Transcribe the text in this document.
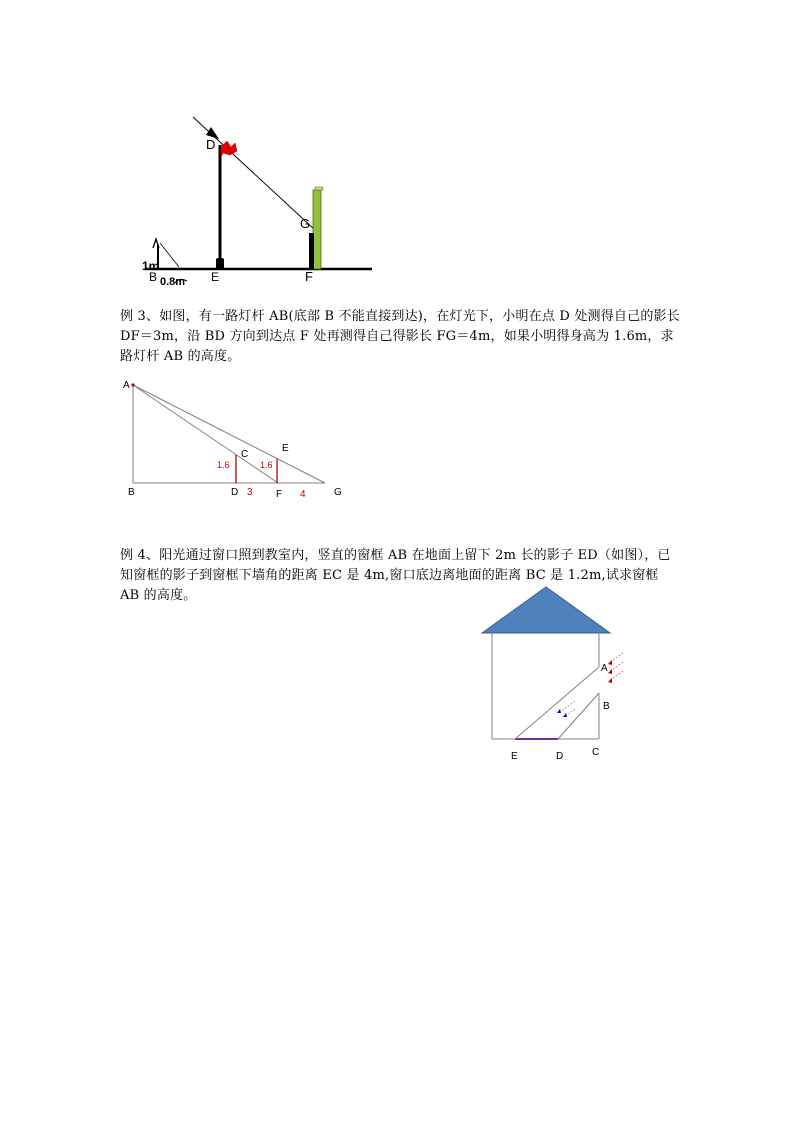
D
G
B	E	F
1m
0.8m

例 3、如图，有一路灯杆 AB(底部 B 不能直接到达)，在灯光下，小明在点 D 处测得自己的影长 DF＝3m，沿 BD 方向到达点 F 处再测得自己得影长 FG＝4m，如果小明得身高为 1.6m，求路灯杆 AB 的高度。

A
B
C
D
E
F	G
1.6	1.6
3	4

例 4、阳光通过窗口照到教室内，竖直的窗框 AB 在地面上留下 2m 长的影子 ED（如图），已知窗框的影子到窗框下墙角的距离 EC 是 4m,窗口底边离地面的距离 BC 是 1.2m,试求窗框 AB 的高度。

A
B
C
D
E
